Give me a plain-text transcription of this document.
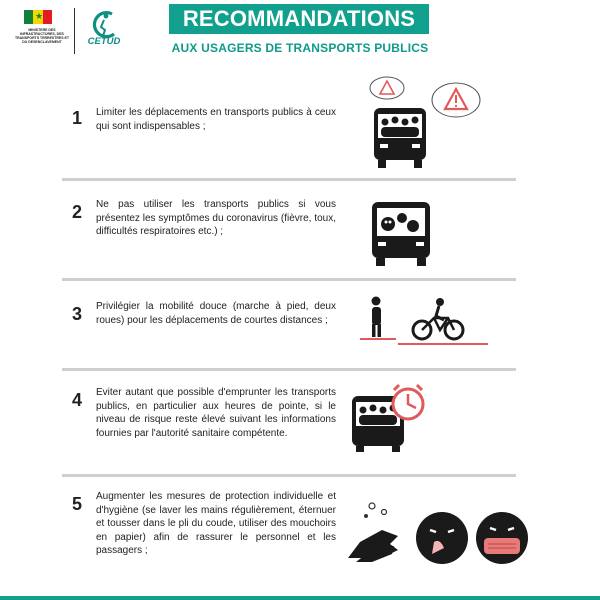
★
MINISTERE DES INFRASTRUCTURES, DES TRANSPORTS TERRESTRES ET DU DESENCLAVEMENT	CETUD
RECOMMANDATIONS
AUX USAGERS DE TRANSPORTS PUBLICS
1 Limiter les déplacements en transports publics à ceux qui sont indispensables ;
2 Ne pas utiliser les transports publics si vous présentez les symptômes du coronavirus (fièvre, toux, difficultés respiratoires etc.) ;
3 Privilégier la mobilité douce (marche à pied, deux roues) pour les déplacements de courtes distances ;
4 Eviter autant que possible d'emprunter les transports publics, en particulier aux heures de pointe, si le niveau de risque reste élevé suivant les informations fournies par l'autorité sanitaire compétente.
5 Augmenter les mesures de protection individuelle et d'hygiène (se laver les mains régulièrement, éternuer et tousser dans le pli du coude, utiliser des mouchoirs en papier) afin de rassurer le personnel et les passagers ;
